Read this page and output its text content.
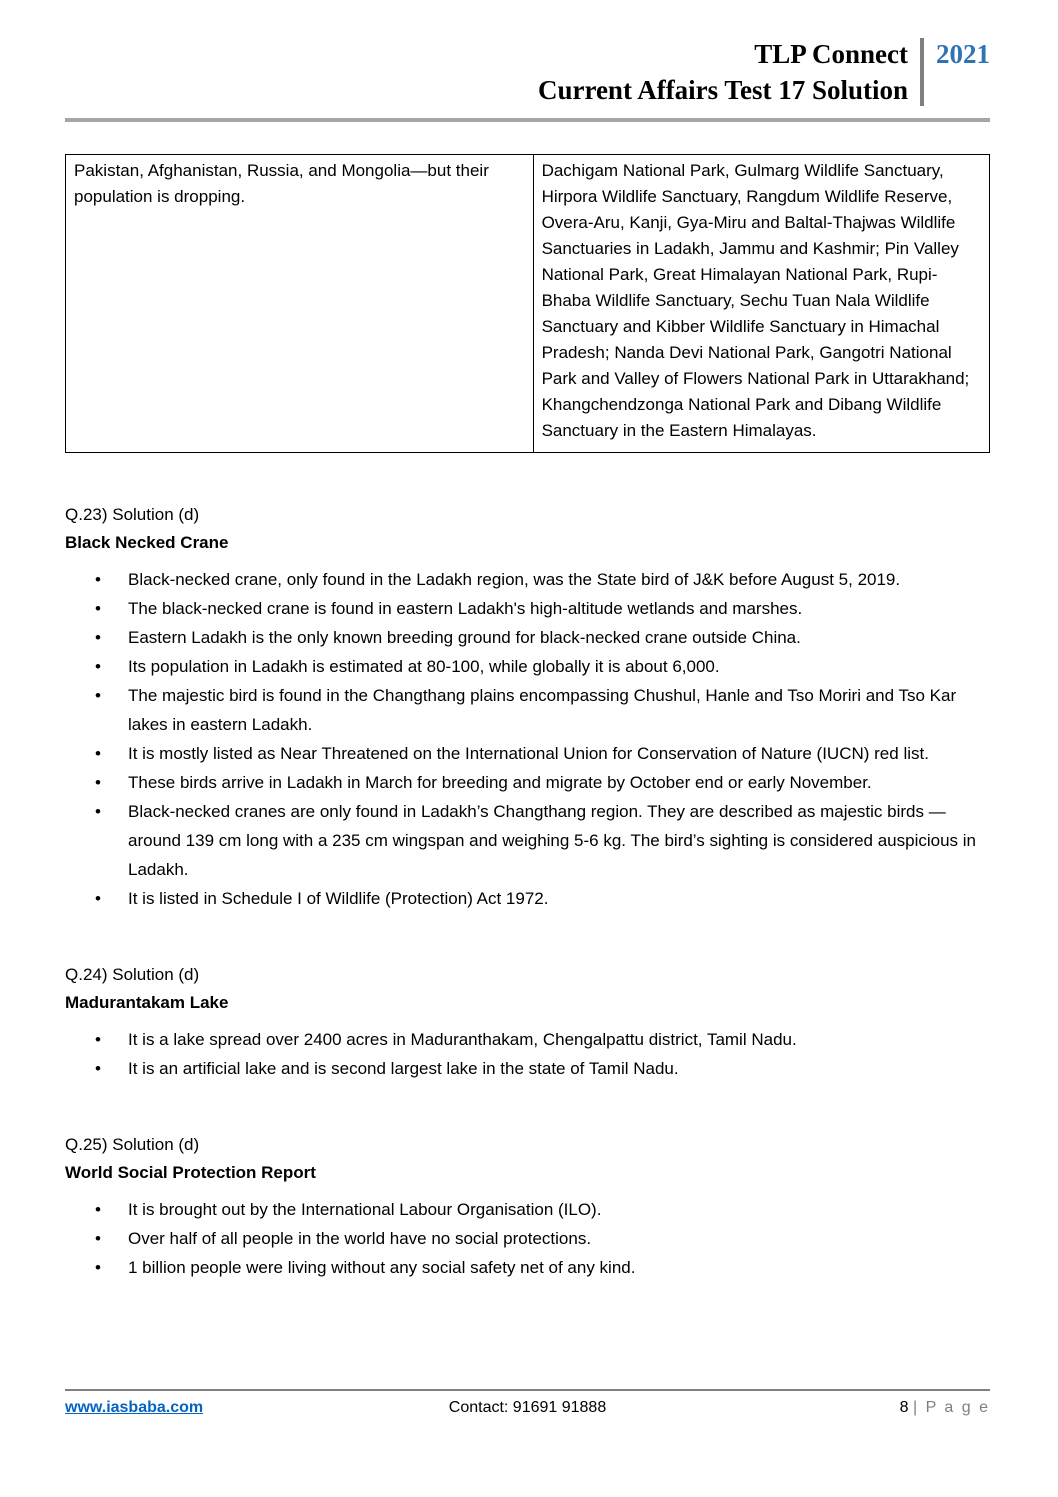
TLP Connect
Current Affairs Test 17 Solution
2021
Pakistan, Afghanistan, Russia, and Mongolia—but their population is dropping.	Dachigam National Park, Gulmarg Wildlife Sanctuary, Hirpora Wildlife Sanctuary, Rangdum Wildlife Reserve, Overa-Aru, Kanji, Gya-Miru and Baltal-Thajwas Wildlife Sanctuaries in Ladakh, Jammu and Kashmir; Pin Valley National Park, Great Himalayan National Park, Rupi-Bhaba Wildlife Sanctuary, Sechu Tuan Nala Wildlife Sanctuary and Kibber Wildlife Sanctuary in Himachal Pradesh; Nanda Devi National Park, Gangotri National Park and Valley of Flowers National Park in Uttarakhand; Khangchendzonga National Park and Dibang Wildlife Sanctuary in the Eastern Himalayas.
Q.23) Solution (d)
Black Necked Crane
•	Black-necked crane, only found in the Ladakh region, was the State bird of J&K before August 5, 2019.
•	The black-necked crane is found in eastern Ladakh's high-altitude wetlands and marshes.
•	Eastern Ladakh is the only known breeding ground for black-necked crane outside China.
•	Its population in Ladakh is estimated at 80-100, while globally it is about 6,000.
•	The majestic bird is found in the Changthang plains encompassing Chushul, Hanle and Tso Moriri and Tso Kar lakes in eastern Ladakh.
•	It is mostly listed as Near Threatened on the International Union for Conservation of Nature (IUCN) red list.
•	These birds arrive in Ladakh in March for breeding and migrate by October end or early November.
•	Black-necked cranes are only found in Ladakh’s Changthang region. They are described as majestic birds — around 139 cm long with a 235 cm wingspan and weighing 5-6 kg. The bird’s sighting is considered auspicious in Ladakh.
•	It is listed in Schedule I of Wildlife (Protection) Act 1972.
Q.24) Solution (d)
Madurantakam Lake
•	It is a lake spread over 2400 acres in Maduranthakam, Chengalpattu district, Tamil Nadu.
•	It is an artificial lake and is second largest lake in the state of Tamil Nadu.
Q.25) Solution (d)
World Social Protection Report
•	It is brought out by the International Labour Organisation (ILO).
•	Over half of all people in the world have no social protections.
•	1 billion people were living without any social safety net of any kind.
www.iasbaba.com	Contact: 91691 91888	8 | P a g e
